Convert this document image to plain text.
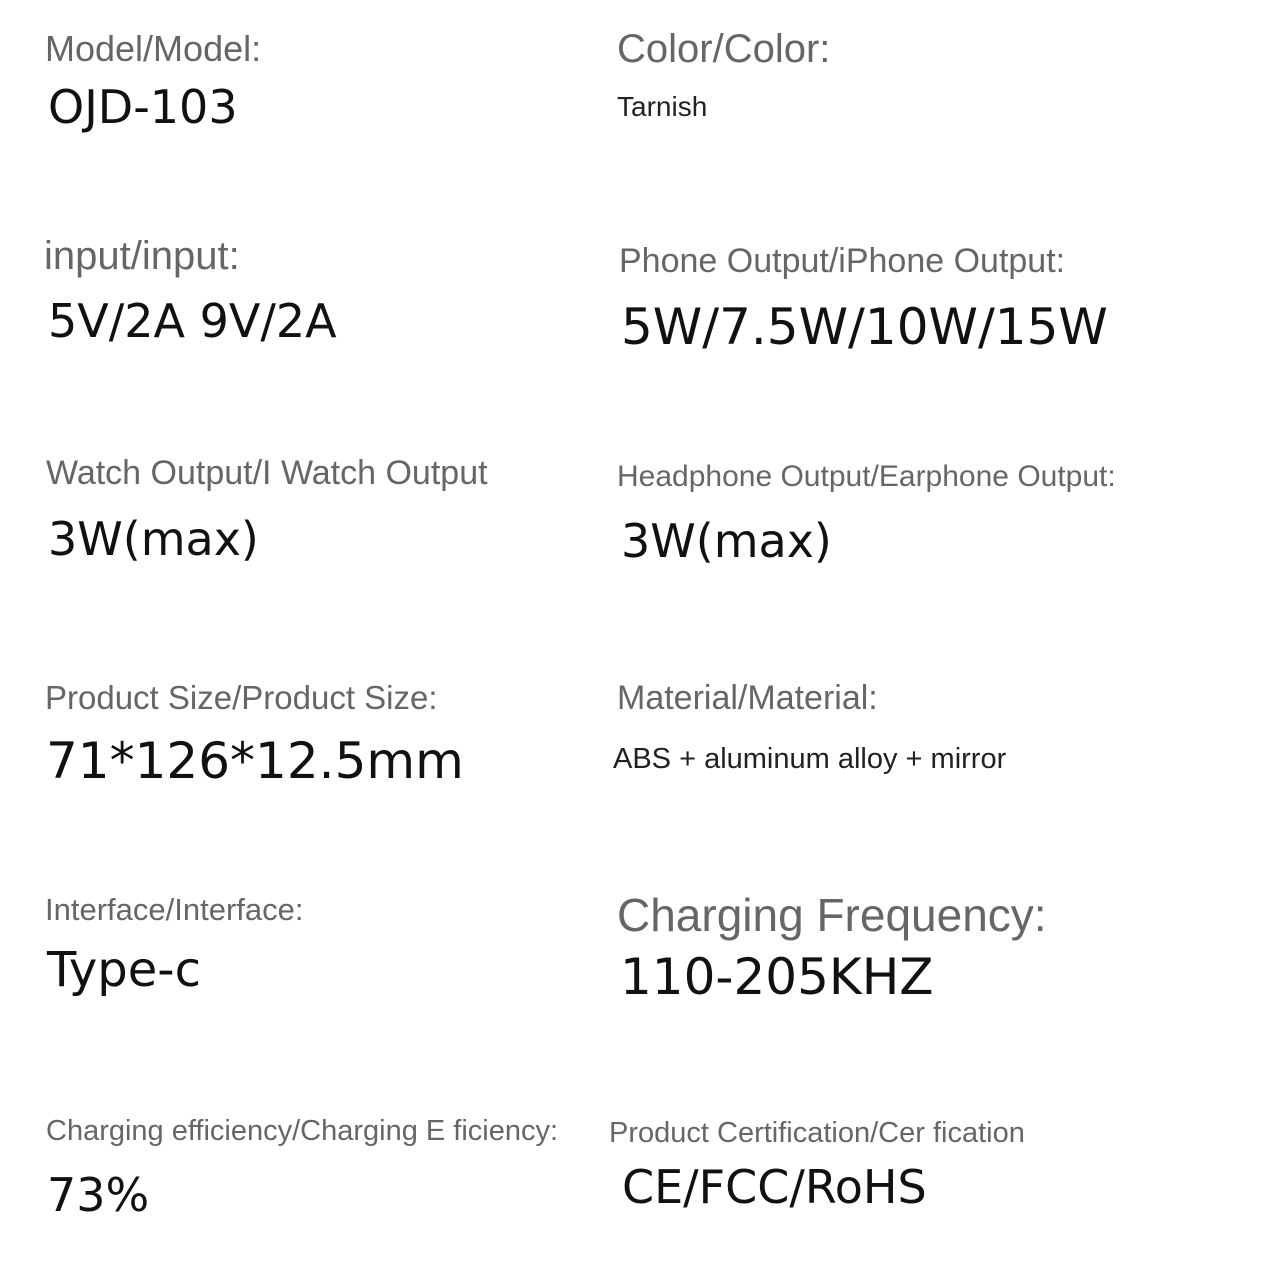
Model/Model:
OJD-103
Color/Color:
Tarnish
input/input:
5V/2A 9V/2A
Phone Output/iPhone Output:
5W/7.5W/10W/15W
Watch Output/I Watch Output
3W(max)
Headphone Output/Earphone Output:
3W(max)
Product Size/Product Size:
71*126*12.5mm
Material/Material:
ABS + aluminum alloy + mirror
Interface/Interface:
Type-c
Charging Frequency:
110-205KHZ
Charging efficiency/Charging E ficiency:
73%
Product Certification/Cer fication
CE/FCC/RoHS
